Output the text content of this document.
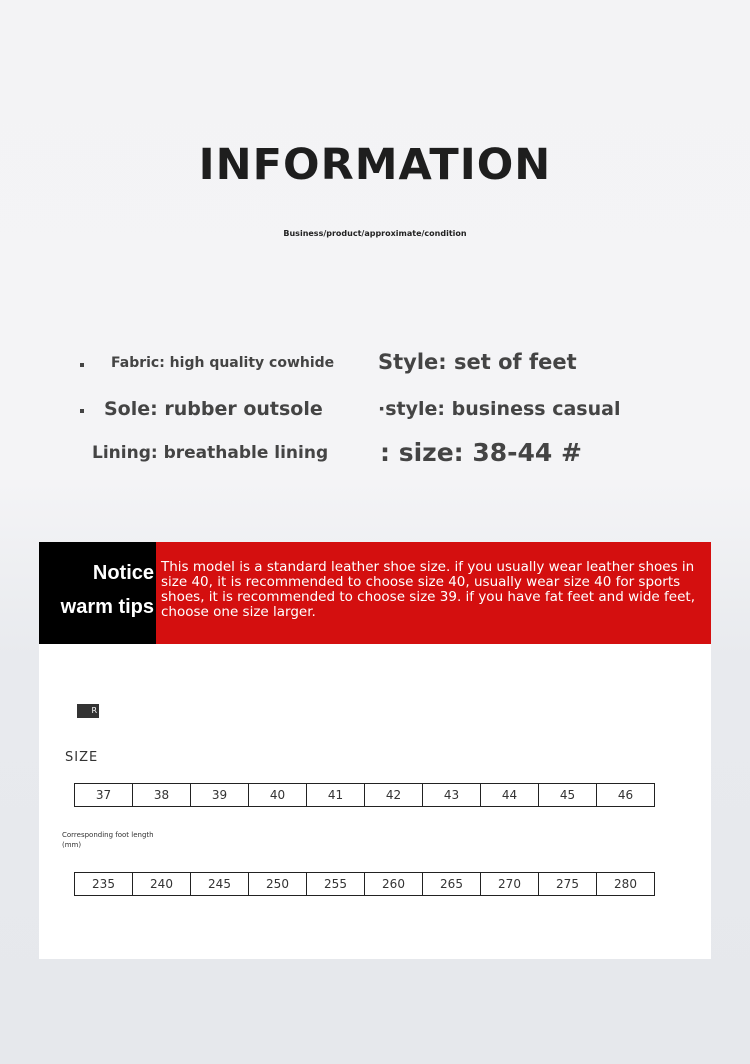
INFORMATION
Business/product/approximate/condition
Fabric: high quality cowhide Style: set of feet
Sole: rubber outsole	·style: business casual
Lining: breathable lining : size: 38-44 #
Notice
warm tips
This model is a standard leather shoe size. if you usually wear leather shoes in size 40, it is recommended to choose size 40, usually wear size 40 for sports shoes, it is recommended to choose size 39. if you have fat feet and wide feet, choose one size larger.
R
SIZE
37	38	39	40	41	42	43	44	45	46
Corresponding foot length
(mm)
235	240	245	250	255	260	265	270	275	280
